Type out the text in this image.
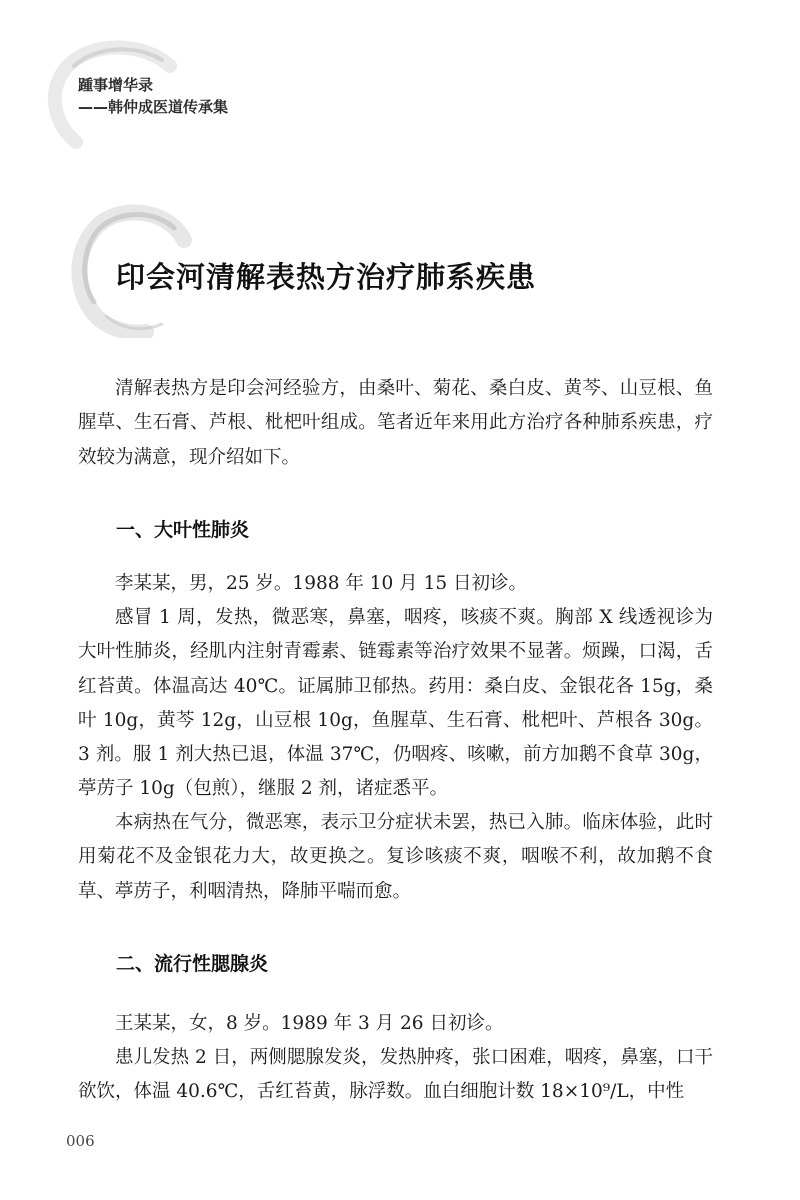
踵事增华录
——韩仲成医道传承集
印会河清解表热方治疗肺系疾患

清解表热方是印会河经验方，由桑叶、菊花、桑白皮、黄芩、山豆根、鱼腥草、生石膏、芦根、枇杷叶组成。笔者近年来用此方治疗各种肺系疾患，疗效较为满意，现介绍如下。

一、大叶性肺炎

李某某，男，25 岁。1988 年 10 月 15 日初诊。

感冒 1 周，发热，微恶寒，鼻塞，咽疼，咳痰不爽。胸部 X 线透视诊为大叶性肺炎，经肌内注射青霉素、链霉素等治疗效果不显著。烦躁，口渴，舌红苔黄。体温高达 40℃。证属肺卫郁热。药用：桑白皮、金银花各 15g，桑叶 10g，黄芩 12g，山豆根 10g，鱼腥草、生石膏、枇杷叶、芦根各 30g。3 剂。服 1 剂大热已退，体温 37℃，仍咽疼、咳嗽，前方加鹅不食草 30g，葶苈子 10g（包煎），继服 2 剂，诸症悉平。

本病热在气分，微恶寒，表示卫分症状未罢，热已入肺。临床体验，此时用菊花不及金银花力大，故更换之。复诊咳痰不爽，咽喉不利，故加鹅不食草、葶苈子，利咽清热，降肺平喘而愈。

二、流行性腮腺炎

王某某，女，8 岁。1989 年 3 月 26 日初诊。

患儿发热 2 日，两侧腮腺发炎，发热肿疼，张口困难，咽疼，鼻塞，口干欲饮，体温 40.6℃，舌红苔黄，脉浮数。血白细胞计数 18×10⁹/L，中性

006
